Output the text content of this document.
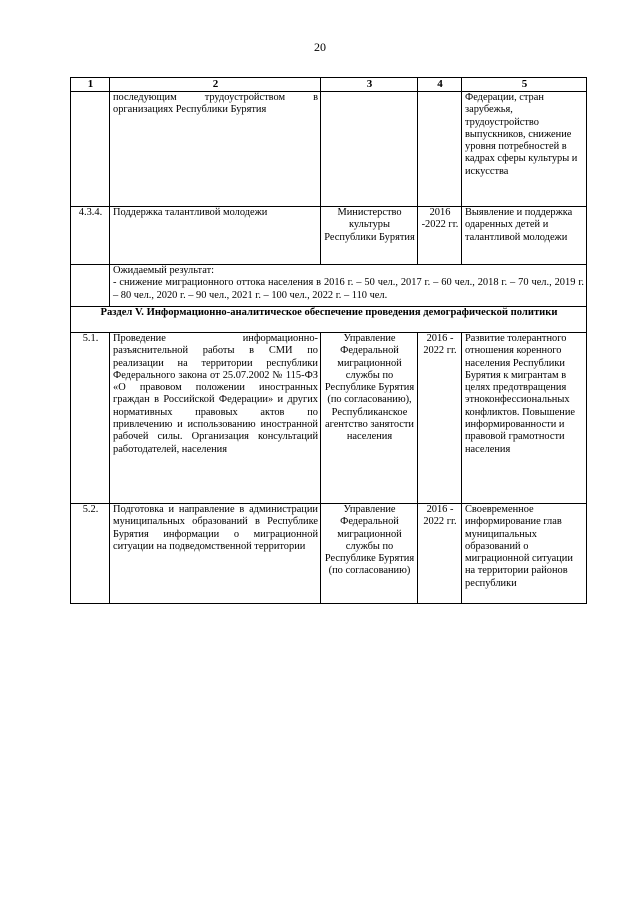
20
1	2	3	4	5
	последующим трудоустройством в организациях Республики Бурятия			Федерации, стран зарубежья, трудоустройство выпускников, снижение уровня потребностей в кадрах сферы культуры и искусства
4.3.4.	Поддержка талантливой молодежи	Министерство культуры Республики Бурятия	2016 -2022 гг.	Выявление и поддержка одаренных детей и талантливой молодежи

	Ожидаемый результат:
- снижение миграционного оттока населения в 2016 г. – 50 чел., 2017 г. – 60 чел., 2018 г. – 70 чел., 2019 г. – 80 чел., 2020 г. – 90 чел., 2021 г. – 100 чел., 2022 г. – 110 чел.			

Раздел V. Информационно-аналитическое обеспечение проведения демографической политики				
5.1.	Проведение информационно-разъяснительной работы в СМИ по реализации на территории республики Федерального закона от 25.07.2002 № 115-ФЗ «О правовом положении иностранных граждан в Российской Федерации» и других нормативных правовых актов по привлечению и использованию иностранной рабочей силы. Организация консультаций работодателей, населения	Управление Федеральной миграционной службы по Республике Бурятия (по согласованию), Республиканское агентство занятости населения	2016 - 2022 гг.	Развитие толерантного отношения коренного населения Республики Бурятия к мигрантам в целях предотвращения этноконфессиональных конфликтов. Повышение информированности и правовой грамотности населения
5.2.	Подготовка и направление в администрации муниципальных образований в Республике Бурятия информации о миграционной ситуации на подведомственной территории	Управление Федеральной миграционной службы по Республике Бурятия (по согласованию)	2016 - 2022 гг.	Своевременное информирование глав муниципальных образований о миграционной ситуации на территории районов республики
